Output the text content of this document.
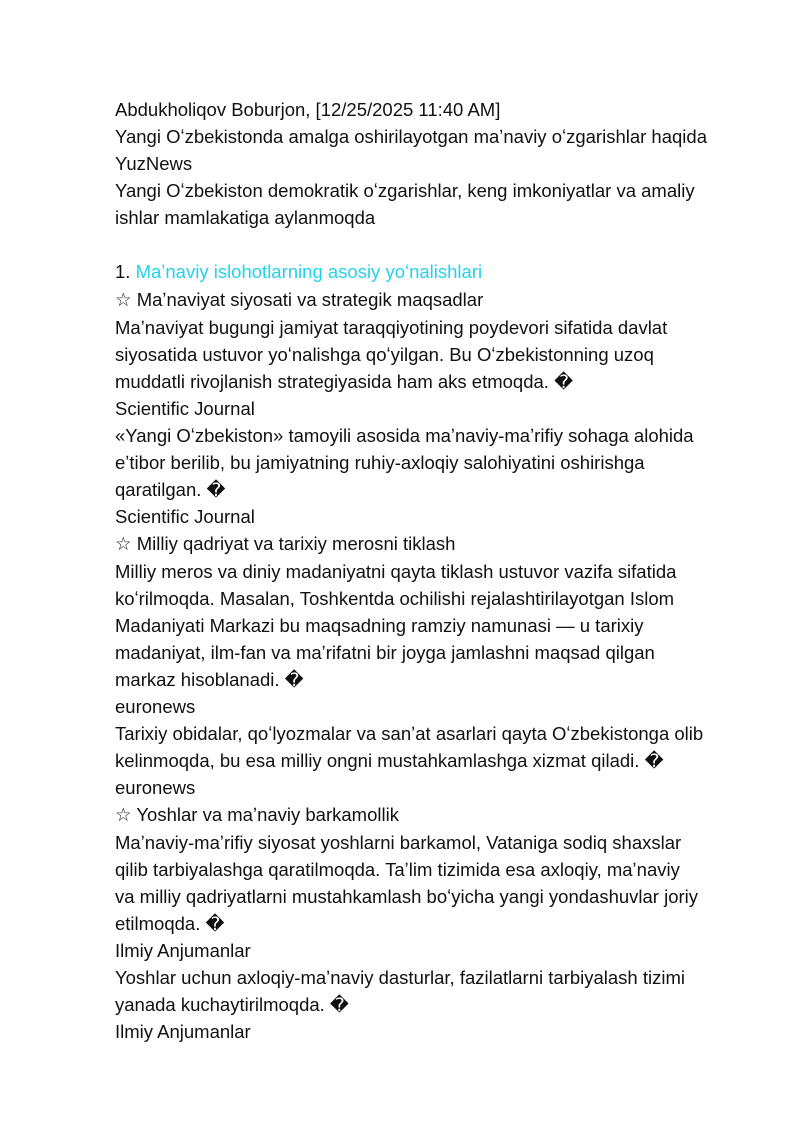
Abdukholiqov Boburjon, [12/25/2025 11:40 AM]
Yangi Oʻzbekistonda amalga oshirilayotgan maʼnaviy oʻzgarishlar haqida
YuzNews
Yangi Oʻzbekiston demokratik oʻzgarishlar, keng imkoniyatlar va amaliy
ishlar mamlakatiga aylanmoqda
1. Maʼnaviy islohotlarning asosiy yoʻnalishlari
☆ Maʼnaviyat siyosati va strategik maqsadlar
Maʼnaviyat bugungi jamiyat taraqqiyotining poydevori sifatida davlat
siyosatida ustuvor yoʻnalishga qoʻyilgan. Bu Oʻzbekistonning uzoq
muddatli rivojlanish strategiyasida ham aks etmoqda. �
Scientific Journal
«Yangi Oʻzbekiston» tamoyili asosida maʼnaviy-maʼrifiy sohaga alohida
eʼtibor berilib, bu jamiyatning ruhiy-axloqiy salohiyatini oshirishga
qaratilgan. �
Scientific Journal
☆ Milliy qadriyat va tarixiy merosni tiklash
Milliy meros va diniy madaniyatni qayta tiklash ustuvor vazifa sifatida
koʻrilmoqda. Masalan, Toshkentda ochilishi rejalashtirilayotgan Islom
Madaniyati Markazi bu maqsadning ramziy namunasi — u tarixiy
madaniyat, ilm-fan va maʼrifatni bir joyga jamlashni maqsad qilgan
markaz hisoblanadi. �
euronews
Tarixiy obidalar, qoʻlyozmalar va sanʼat asarlari qayta Oʻzbekistonga olib
kelinmoqda, bu esa milliy ongni mustahkamlashga xizmat qiladi. �
euronews
☆ Yoshlar va maʼnaviy barkamollik
Maʼnaviy-maʼrifiy siyosat yoshlarni barkamol, Vataniga sodiq shaxslar
qilib tarbiyalashga qaratilmoqda. Taʼlim tizimida esa axloqiy, maʼnaviy
va milliy qadriyatlarni mustahkamlash boʻyicha yangi yondashuvlar joriy
etilmoqda. �
Ilmiy Anjumanlar
Yoshlar uchun axloqiy-maʼnaviy dasturlar, fazilatlarni tarbiyalash tizimi
yanada kuchaytirilmoqda. �
Ilmiy Anjumanlar
